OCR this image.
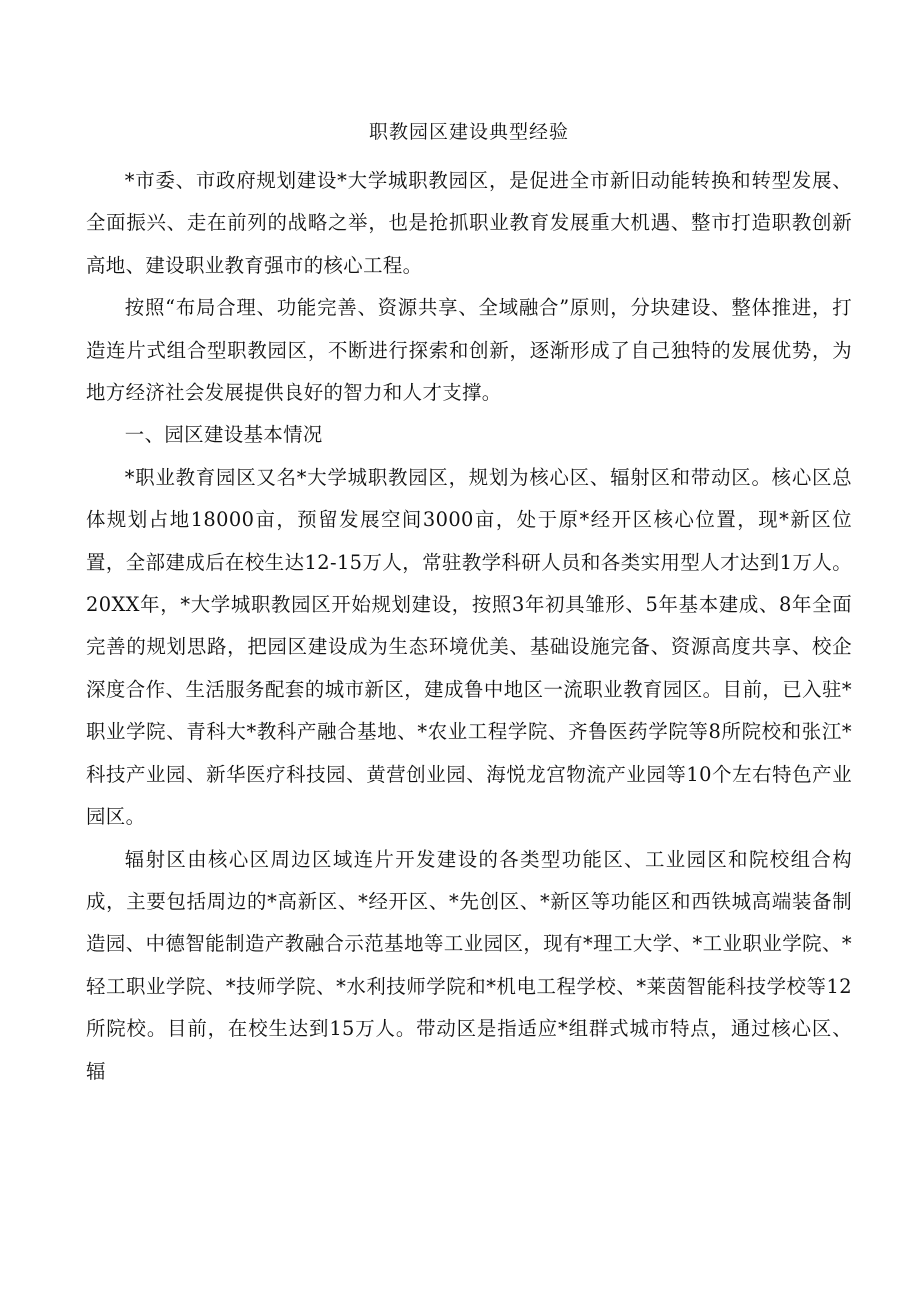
职教园区建设典型经验

*市委、市政府规划建设*大学城职教园区，是促进全市新旧动能转换和转型发展、全面振兴、走在前列的战略之举，也是抢抓职业教育发展重大机遇、整市打造职教创新高地、建设职业教育强市的核心工程。

按照“布局合理、功能完善、资源共享、全域融合”原则，分块建设、整体推进，打造连片式组合型职教园区，不断进行探索和创新，逐渐形成了自己独特的发展优势，为地方经济社会发展提供良好的智力和人才支撑。

一、园区建设基本情况

*职业教育园区又名*大学城职教园区，规划为核心区、辐射区和带动区。核心区总体规划占地18000亩，预留发展空间3000亩，处于原*经开区核心位置，现*新区位置，全部建成后在校生达12-15万人，常驻教学科研人员和各类实用型人才达到1万人。20XX年，*大学城职教园区开始规划建设，按照3年初具雏形、5年基本建成、8年全面完善的规划思路，把园区建设成为生态环境优美、基础设施完备、资源高度共享、校企深度合作、生活服务配套的城市新区，建成鲁中地区一流职业教育园区。目前，已入驻*职业学院、青科大*教科产融合基地、*农业工程学院、齐鲁医药学院等8所院校和张江*科技产业园、新华医疗科技园、黄营创业园、海悦龙宫物流产业园等10个左右特色产业园区。

辐射区由核心区周边区域连片开发建设的各类型功能区、工业园区和院校组合构成，主要包括周边的*高新区、*经开区、*先创区、*新区等功能区和西铁城高端装备制造园、中德智能制造产教融合示范基地等工业园区，现有*理工大学、*工业职业学院、*轻工职业学院、*技师学院、*水利技师学院和*机电工程学校、*莱茵智能科技学校等12所院校。目前，在校生达到15万人。带动区是指适应*组群式城市特点，通过核心区、辐
